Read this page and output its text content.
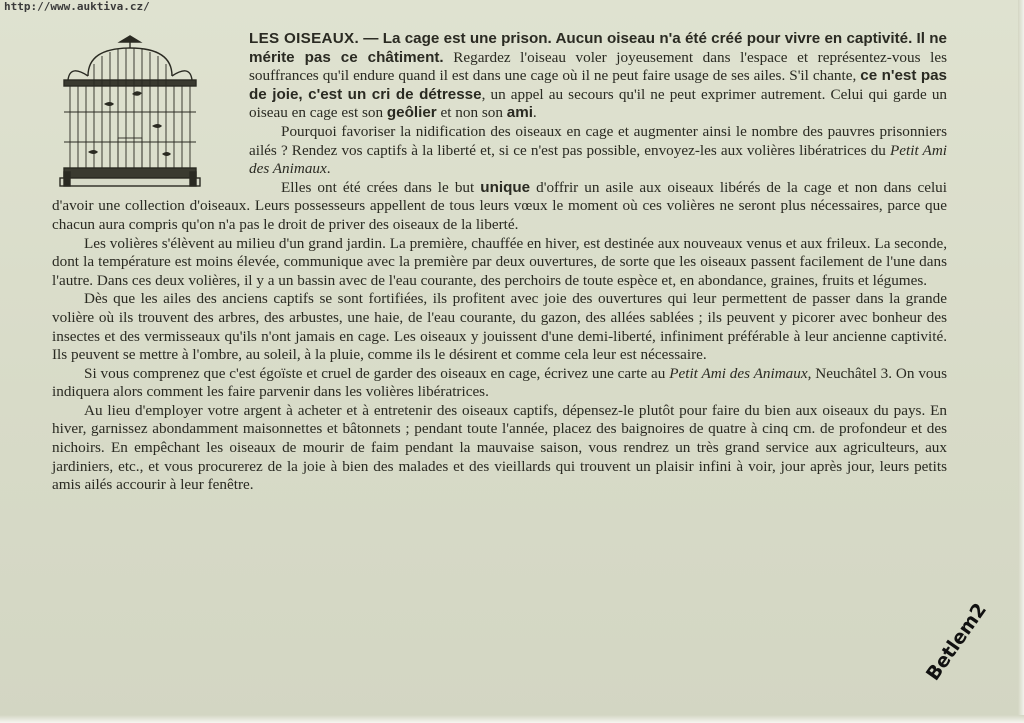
http://www.auktiva.cz/

LES OISEAUX. — La cage est une prison. Aucun oiseau n'a été créé pour vivre en captivité. Il ne mérite pas ce châtiment. Regardez l'oiseau voler joyeusement dans l'espace et représentez-vous les souffrances qu'il endure quand il est dans une cage où il ne peut faire usage de ses ailes. S'il chante, ce n'est pas de joie, c'est un cri de détresse, un appel au secours qu'il ne peut exprimer autrement. Celui qui garde un oiseau en cage est son geôlier et non son ami.

Pourquoi favoriser la nidification des oiseaux en cage et augmenter ainsi le nombre des pauvres prisonniers ailés ? Rendez vos captifs à la liberté et, si ce n'est pas possible, envoyez-les aux volières libératrices du Petit Ami des Animaux.

Elles ont été crées dans le but unique d'offrir un asile aux oiseaux libérés de la cage et non dans celui d'avoir une collection d'oiseaux. Leurs possesseurs appellent de tous leurs vœux le moment où ces volières ne seront plus nécessaires, parce que chacun aura compris qu'on n'a pas le droit de priver des oiseaux de la liberté.

Les volières s'élèvent au milieu d'un grand jardin. La première, chauffée en hiver, est destinée aux nouveaux venus et aux frileux. La seconde, dont la température est moins élevée, communique avec la première par deux ouvertures, de sorte que les oiseaux passent facilement de l'une dans l'autre. Dans ces deux volières, il y a un bassin avec de l'eau courante, des perchoirs de toute espèce et, en abondance, graines, fruits et légumes.

Dès que les ailes des anciens captifs se sont fortifiées, ils profitent avec joie des ouvertures qui leur permettent de passer dans la grande volière où ils trouvent des arbres, des arbustes, une haie, de l'eau courante, du gazon, des allées sablées ; ils peuvent y picorer avec bonheur des insectes et des vermisseaux qu'ils n'ont jamais en cage. Les oiseaux y jouissent d'une demi-liberté, infiniment préférable à leur ancienne captivité. Ils peuvent se mettre à l'ombre, au soleil, à la pluie, comme ils le désirent et comme cela leur est nécessaire.

Si vous comprenez que c'est égoïste et cruel de garder des oiseaux en cage, écrivez une carte au Petit Ami des Animaux, Neuchâtel 3. On vous indiquera alors comment les faire parvenir dans les volières libératrices.

Au lieu d'employer votre argent à acheter et à entretenir des oiseaux captifs, dépensez-le plutôt pour faire du bien aux oiseaux du pays. En hiver, garnissez abondamment maisonnettes et bâtonnets ; pendant toute l'année, placez des baignoires de quatre à cinq cm. de profondeur et des nichoirs. En empêchant les oiseaux de mourir de faim pendant la mauvaise saison, vous rendrez un très grand service aux agriculteurs, aux jardiniers, etc., et vous procurerez de la joie à bien des malades et des vieillards qui trouvent un plaisir infini à voir, jour après jour, leurs petits amis ailés accourir à leur fenêtre.

Betlem2
